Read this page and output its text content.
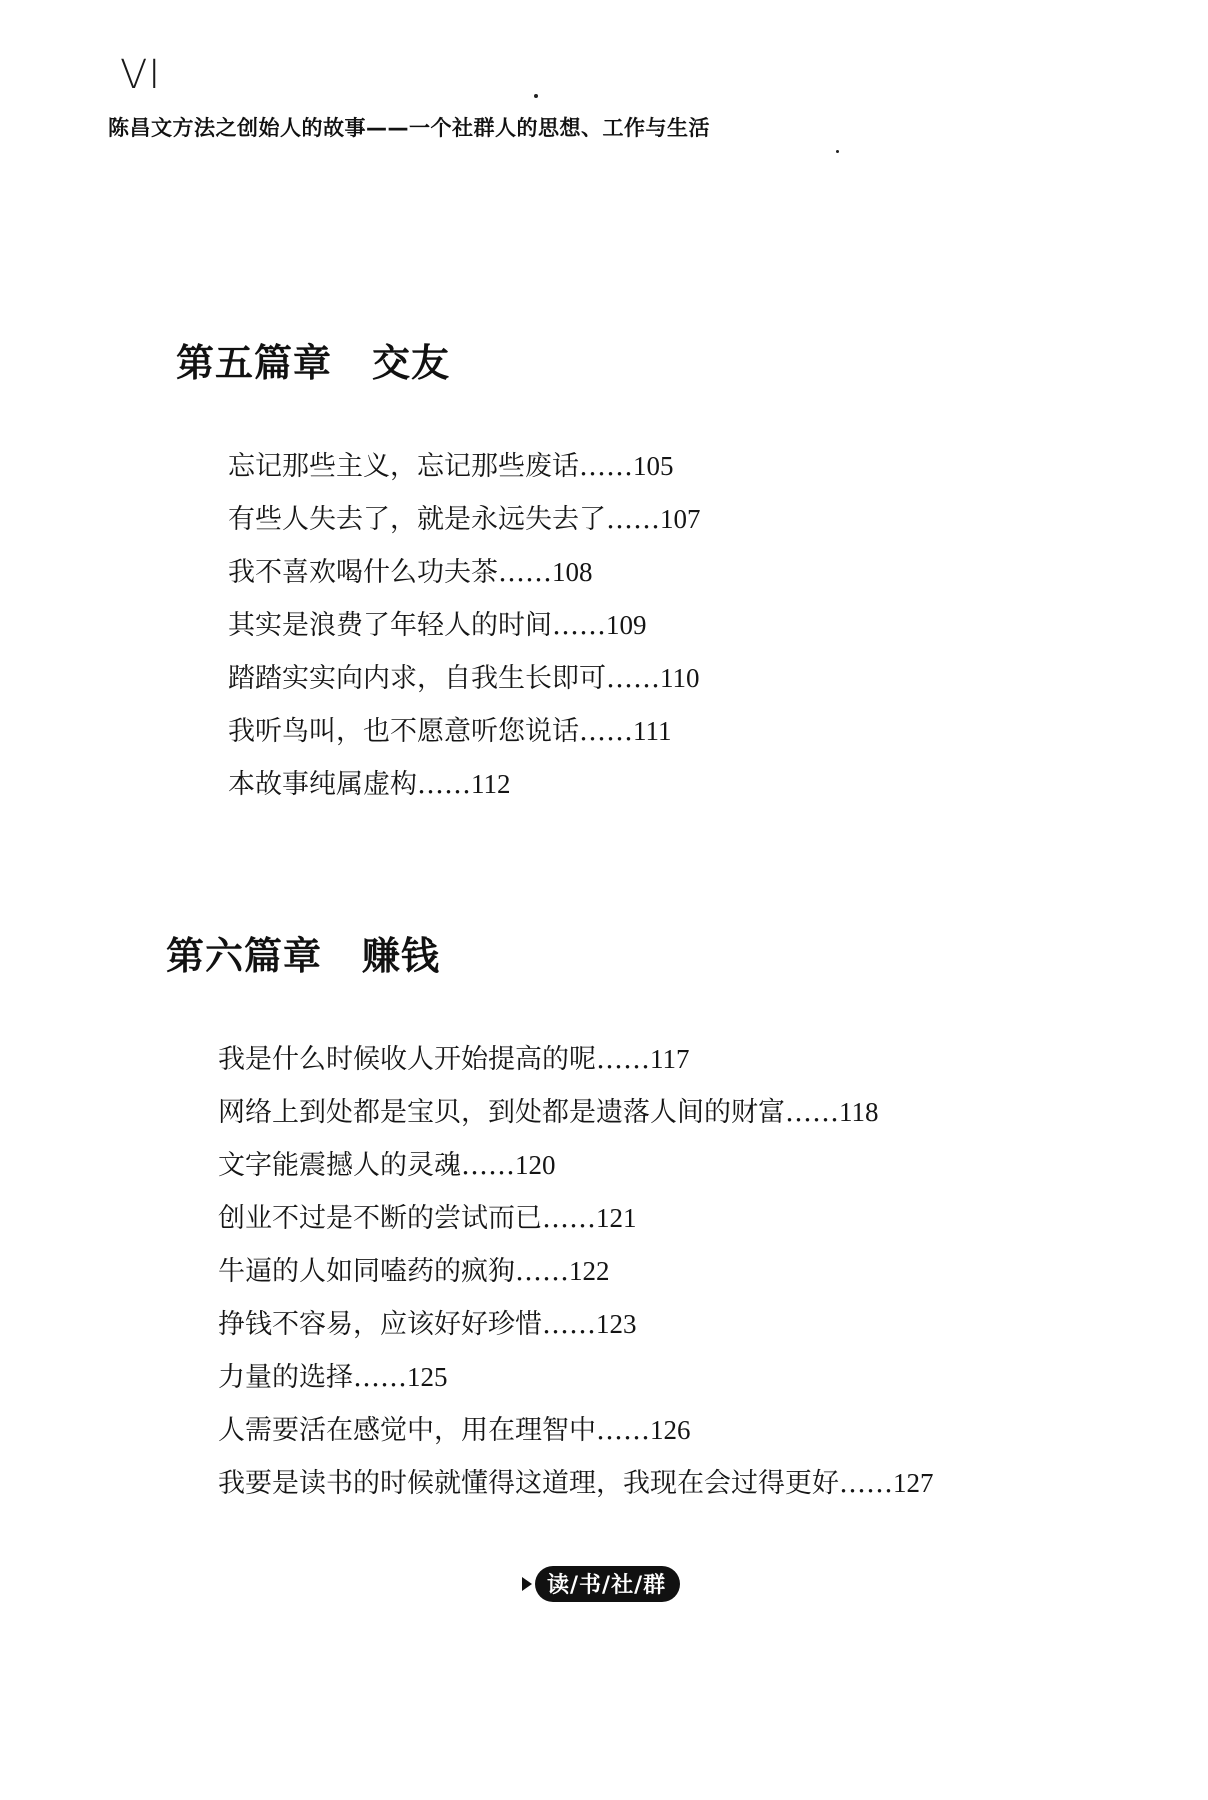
VI
陈昌文方法之创始人的故事——一个社群人的思想、工作与生活
第五篇章 交友
忘记那些主义，忘记那些废话……105
有些人失去了，就是永远失去了……107
我不喜欢喝什么功夫茶……108
其实是浪费了年轻人的时间……109
踏踏实实向内求，自我生长即可……110
我听鸟叫，也不愿意听您说话……111
本故事纯属虚构……112
第六篇章 赚钱
我是什么时候收人开始提高的呢……117
网络上到处都是宝贝，到处都是遗落人间的财富……118
文字能震撼人的灵魂……120
创业不过是不断的尝试而已……121
牛逼的人如同嗑药的疯狗……122
挣钱不容易，应该好好珍惜……123
力量的选择……125
人需要活在感觉中，用在理智中……126
我要是读书的时候就懂得这道理，我现在会过得更好……127
读/书/社/群
